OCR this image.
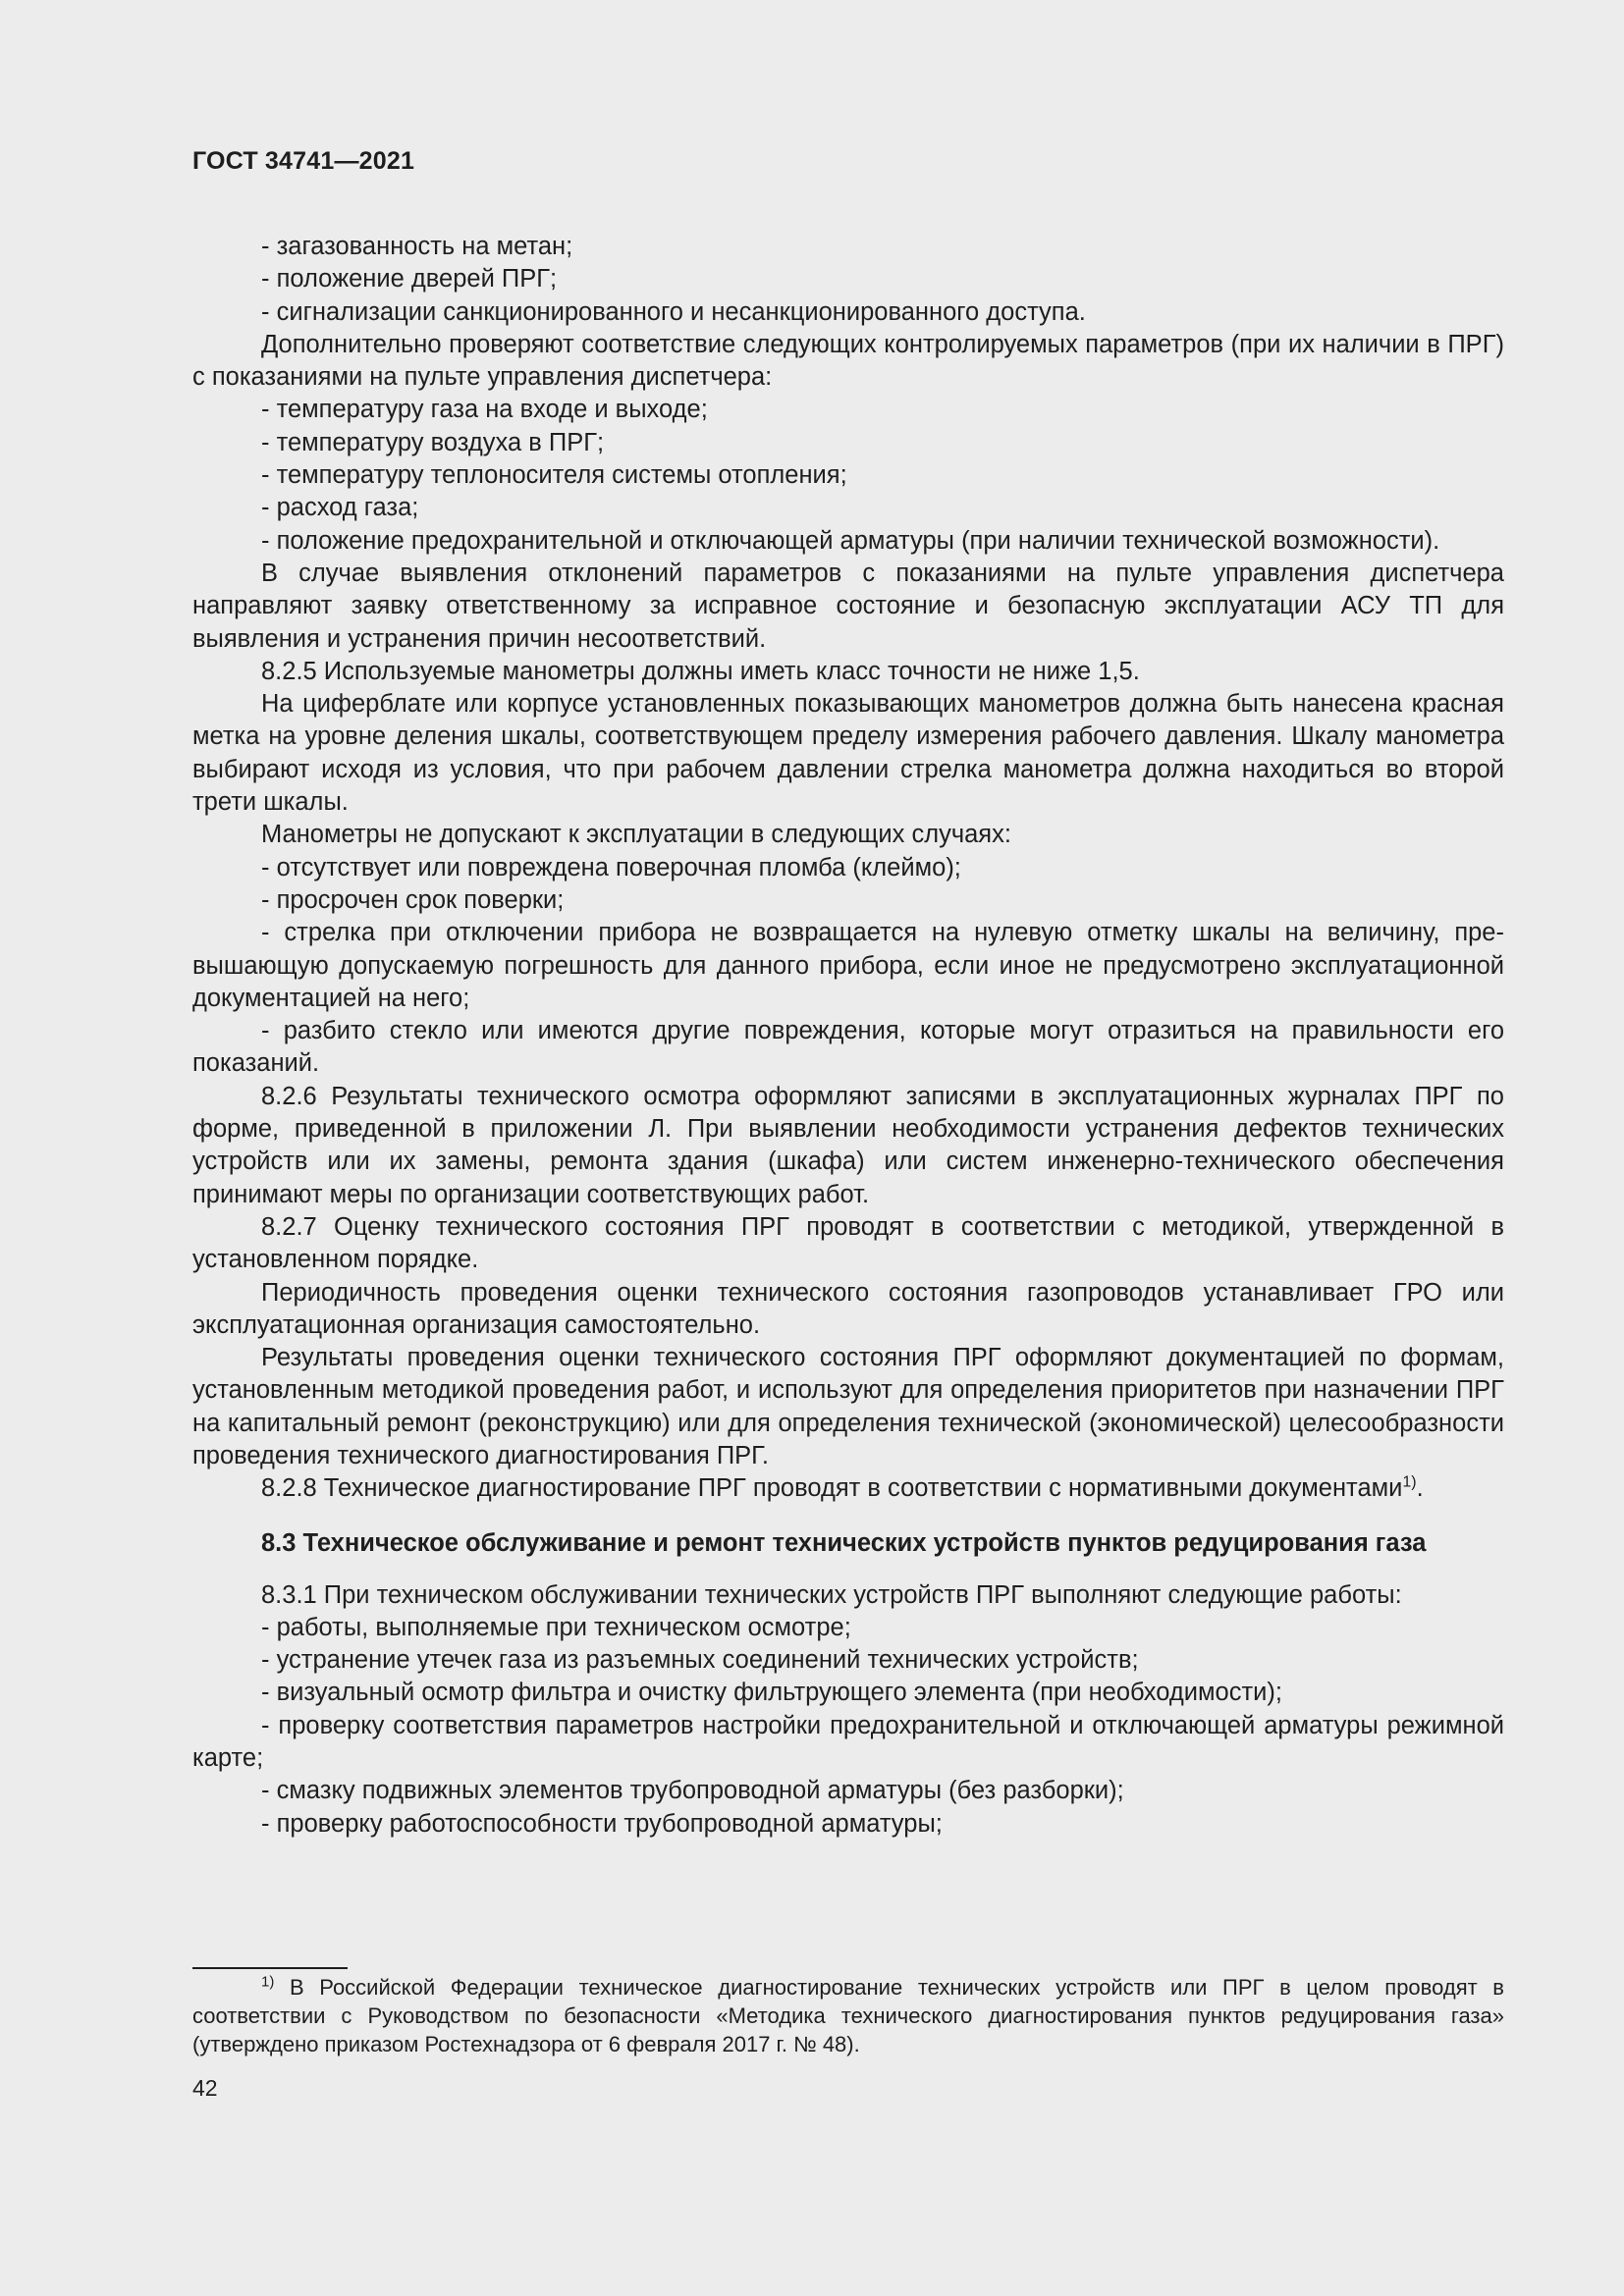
ГОСТ 34741—2021

- загазованность на метан;

- положение дверей ПРГ;

- сигнализации санкционированного и несанкционированного доступа.

Дополнительно проверяют соответствие следующих контролируемых параметров (при их наличии в ПРГ) с показаниями на пульте управления диспетчера:

- температуру газа на входе и выходе;

- температуру воздуха в ПРГ;

- температуру теплоносителя системы отопления;

- расход газа;

- положение предохранительной и отключающей арматуры (при наличии технической возможности).

В случае выявления отклонений параметров с показаниями на пульте управления диспетчера направляют заявку ответственному за исправное состояние и безопасную эксплуатации АСУ ТП для выявления и устранения причин несоответствий.

8.2.5 Используемые манометры должны иметь класс точности не ниже 1,5.

На циферблате или корпусе установленных показывающих манометров должна быть нанесена красная метка на уровне деления шкалы, соответствующем пределу измерения рабочего давления. Шкалу манометра выбирают исходя из условия, что при рабочем давлении стрелка манометра должна находиться во второй трети шкалы.

Манометры не допускают к эксплуатации в следующих случаях:

- отсутствует или повреждена поверочная пломба (клеймо);

- просрочен срок поверки;

- стрелка при отключении прибора не возвращается на нулевую отметку шкалы на величину, превышающую допускаемую погрешность для данного прибора, если иное не предусмотрено эксплуатационной документацией на него;

- разбито стекло или имеются другие повреждения, которые могут отразиться на правильности его показаний.

8.2.6 Результаты технического осмотра оформляют записями в эксплуатационных журналах ПРГ по форме, приведенной в приложении Л. При выявлении необходимости устранения дефектов технических устройств или их замены, ремонта здания (шкафа) или систем инженерно-технического обеспечения принимают меры по организации соответствующих работ.

8.2.7 Оценку технического состояния ПРГ проводят в соответствии с методикой, утвержденной в установленном порядке.

Периодичность проведения оценки технического состояния газопроводов устанавливает ГРО или эксплуатационная организация самостоятельно.

Результаты проведения оценки технического состояния ПРГ оформляют документацией по формам, установленным методикой проведения работ, и используют для определения приоритетов при назначении ПРГ на капитальный ремонт (реконструкцию) или для определения технической (экономической) целесообразности проведения технического диагностирования ПРГ.

8.2.8 Техническое диагностирование ПРГ проводят в соответствии с нормативными документами$^{1)}$.

8.3 Техническое обслуживание и ремонт технических устройств пунктов редуцирования газа

8.3.1 При техническом обслуживании технических устройств ПРГ выполняют следующие работы:

- работы, выполняемые при техническом осмотре;

- устранение утечек газа из разъемных соединений технических устройств;

- визуальный осмотр фильтра и очистку фильтрующего элемента (при необходимости);

- проверку соответствия параметров настройки предохранительной и отключающей арматуры режимной карте;

- смазку подвижных элементов трубопроводной арматуры (без разборки);

- проверку работоспособности трубопроводной арматуры;

$^{1)}$ В Российской Федерации техническое диагностирование технических устройств или ПРГ в целом проводят в соответствии с Руководством по безопасности «Методика технического диагностирования пунктов редуцирования газа» (утверждено приказом Ростехнадзора от 6 февраля 2017 г. № 48).
42
